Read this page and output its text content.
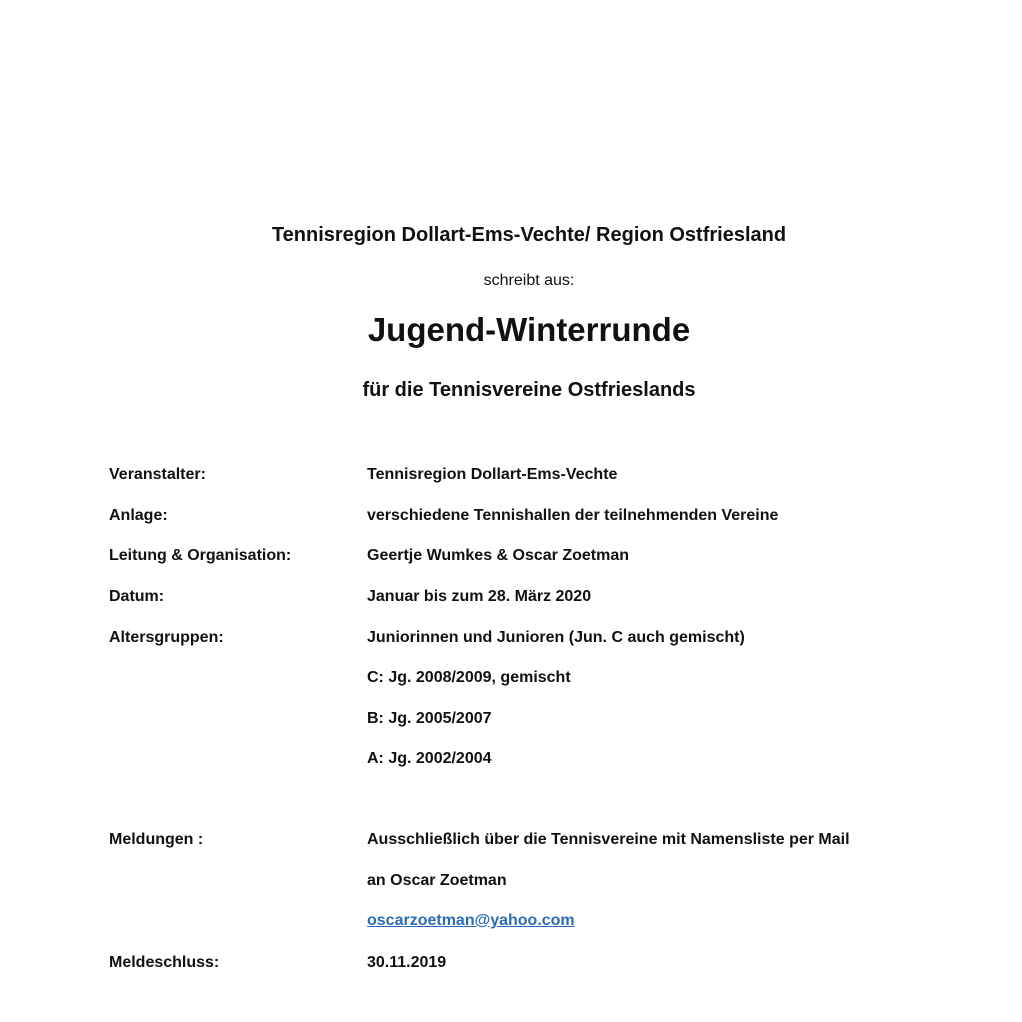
Tennisregion Dollart-Ems-Vechte/ Region Ostfriesland
schreibt aus:
Jugend-Winterrunde
für die Tennisvereine Ostfrieslands
Veranstalter:	Tennisregion Dollart-Ems-Vechte
Anlage:	verschiedene Tennishallen der teilnehmenden Vereine
Leitung & Organisation:	Geertje Wumkes & Oscar Zoetman
Datum:	Januar bis zum 28. März 2020
Altersgruppen:	Juniorinnen und Junioren (Jun. C auch gemischt)
C: Jg. 2008/2009, gemischt
B: Jg. 2005/2007
A: Jg. 2002/2004
Meldungen :	Ausschließlich über die Tennisvereine mit Namensliste per Mail
an Oscar Zoetman
oscarzoetman@yahoo.com
Meldeschluss:	30.11.2019
